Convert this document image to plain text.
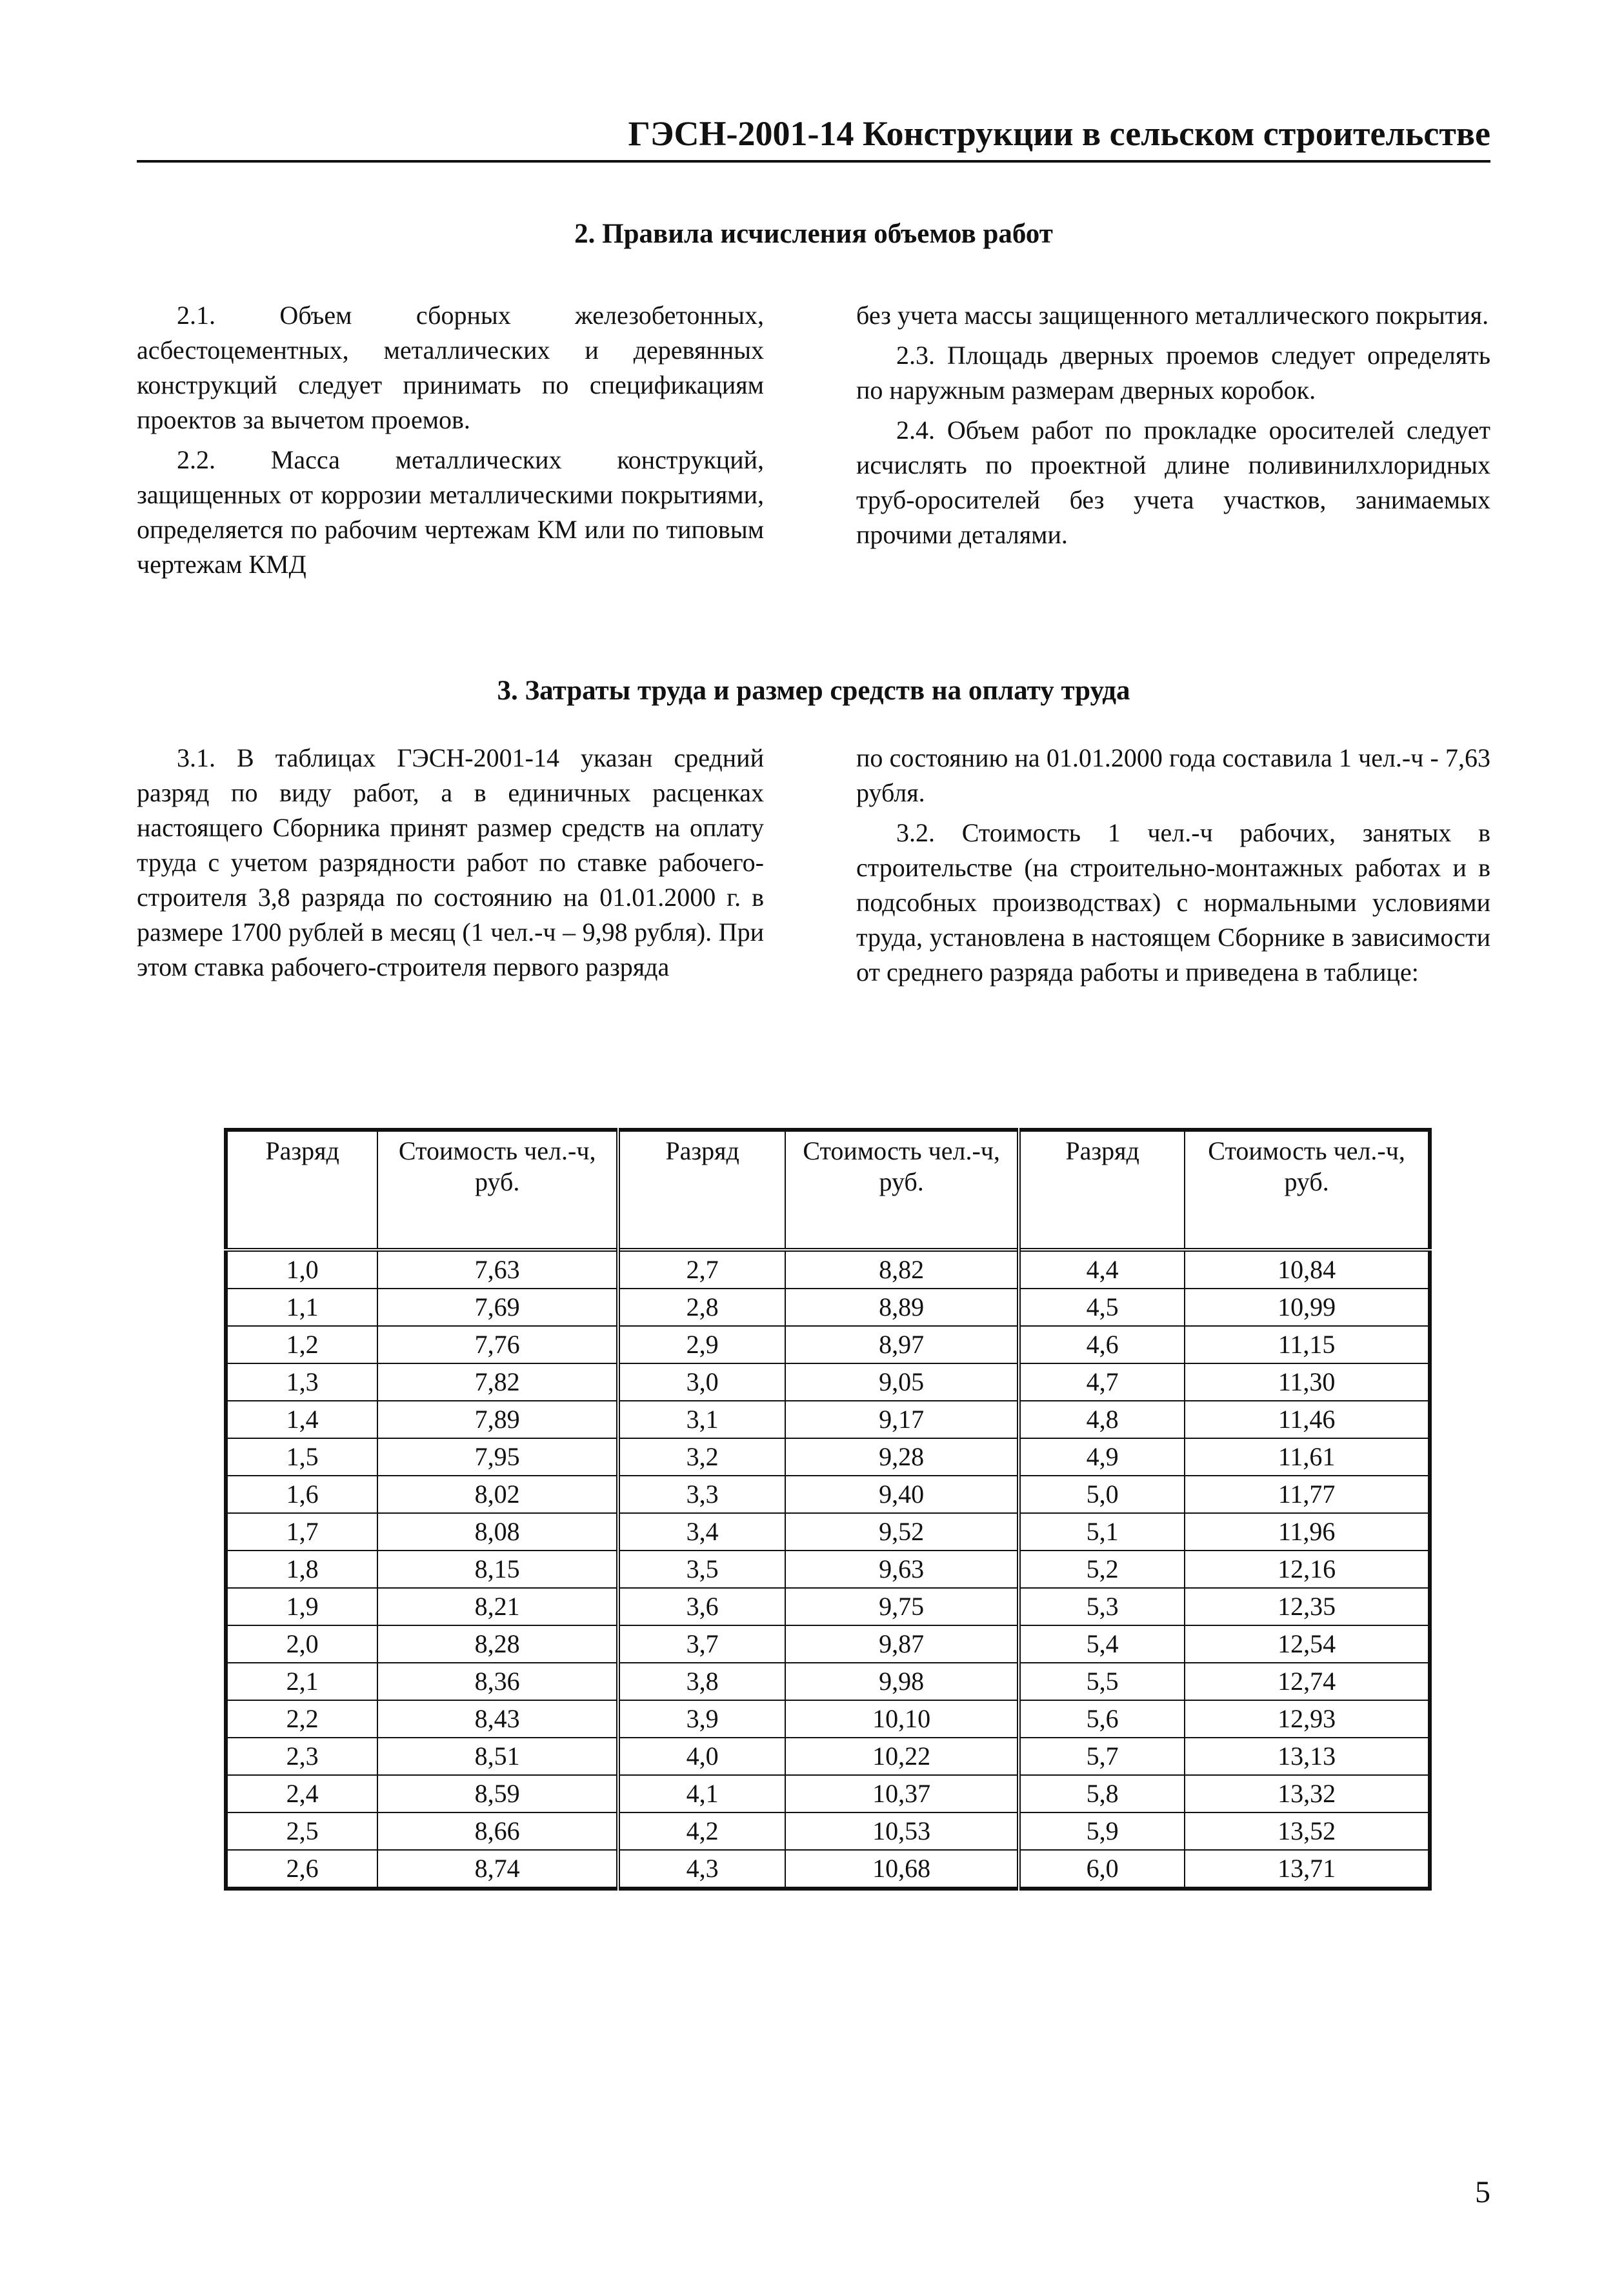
ГЭСН-2001-14 Конструкции в сельском строительстве
2. Правила исчисления объемов работ

2.1. Объем сборных железобетонных, асбестоцементных, металлических и деревянных конструкций следует принимать по спецификациям проектов за вычетом проемов.

2.2. Масса металлических конструкций, защищенных от коррозии металлическими покрытиями, определяется по рабочим чертежам КМ или по типовым чертежам КМД

без учета массы защищенного металлического покрытия.

2.3. Площадь дверных проемов следует определять по наружным размерам дверных коробок.

2.4. Объем работ по прокладке оросителей следует исчислять по проектной длине поливинилхлоридных труб-оросителей без учета участков, занимаемых прочими деталями.

3. Затраты труда и размер средств на оплату труда

3.1. В таблицах ГЭСН-2001-14 указан средний разряд по виду работ, а в единичных расценках настоящего Сборника принят размер средств на оплату труда с учетом разрядности работ по ставке рабочего-строителя 3,8 разряда по состоянию на 01.01.2000 г. в размере 1700 рублей в месяц (1 чел.-ч – 9,98 рубля). При этом ставка рабочего-строителя первого разряда

по состоянию на 01.01.2000 года составила 1 чел.-ч - 7,63 рубля.

3.2. Стоимость 1 чел.-ч рабочих, занятых в строительстве (на строительно-монтажных работах и в подсобных производствах) с нормальными условиями труда, установлена в настоящем Сборнике в зависимости от среднего разряда работы и приведена в таблице:

Разряд	Стоимость чел.-ч, руб.	Разряд	Стоимость чел.-ч, руб.	Разряд	Стоимость чел.-ч, руб.
1,0	7,63	2,7	8,82	4,4	10,84
1,1	7,69	2,8	8,89	4,5	10,99
1,2	7,76	2,9	8,97	4,6	11,15
1,3	7,82	3,0	9,05	4,7	11,30
1,4	7,89	3,1	9,17	4,8	11,46
1,5	7,95	3,2	9,28	4,9	11,61
1,6	8,02	3,3	9,40	5,0	11,77
1,7	8,08	3,4	9,52	5,1	11,96
1,8	8,15	3,5	9,63	5,2	12,16
1,9	8,21	3,6	9,75	5,3	12,35
2,0	8,28	3,7	9,87	5,4	12,54
2,1	8,36	3,8	9,98	5,5	12,74
2,2	8,43	3,9	10,10	5,6	12,93
2,3	8,51	4,0	10,22	5,7	13,13
2,4	8,59	4,1	10,37	5,8	13,32
2,5	8,66	4,2	10,53	5,9	13,52
2,6	8,74	4,3	10,68	6,0	13,71
5
